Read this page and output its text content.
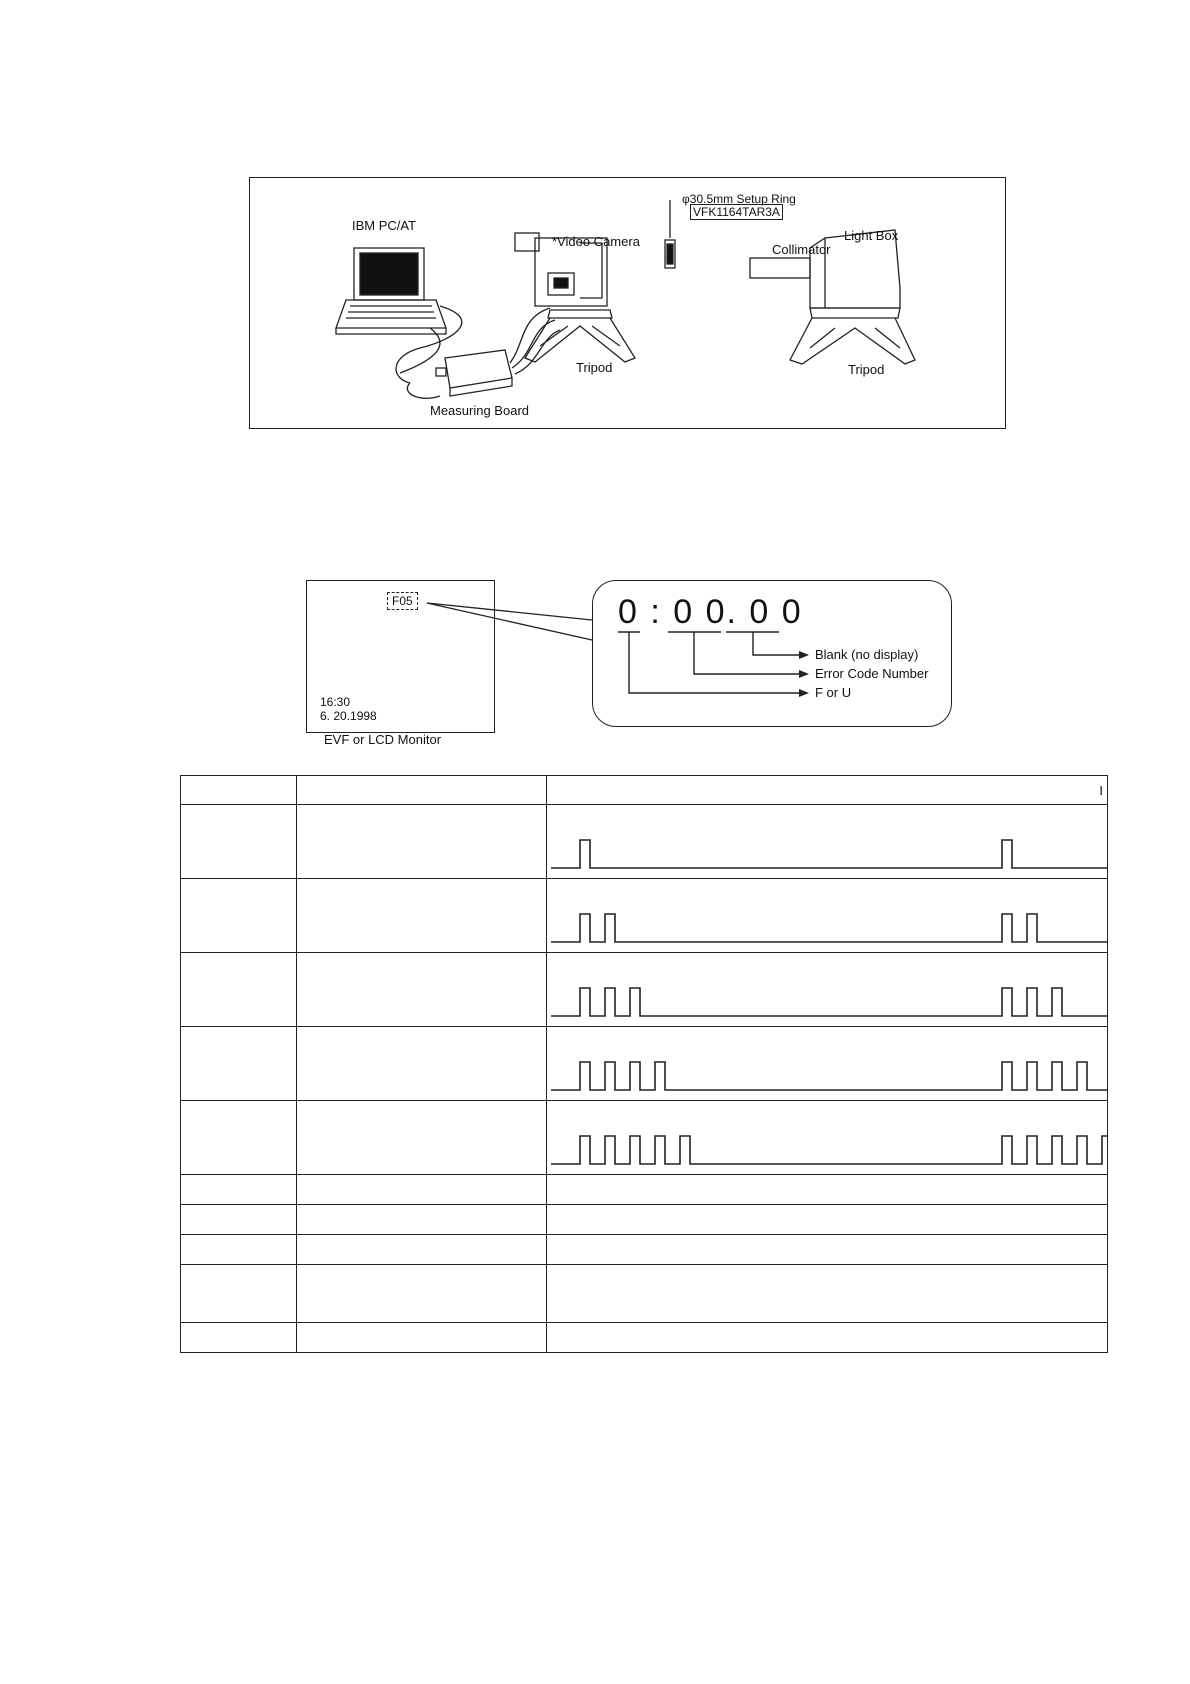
IBM PC/AT
*Video Camera
φ30.5mm Setup Ring
VFK1164TAR3A
Light Box
Collimator
Tripod	Tripod
Measuring Board
F05
16:30
6. 20.1998
EVF or LCD Monitor
0 : 0 0. 0 0
Blank (no display)
Error Code Number
F or U
		I
